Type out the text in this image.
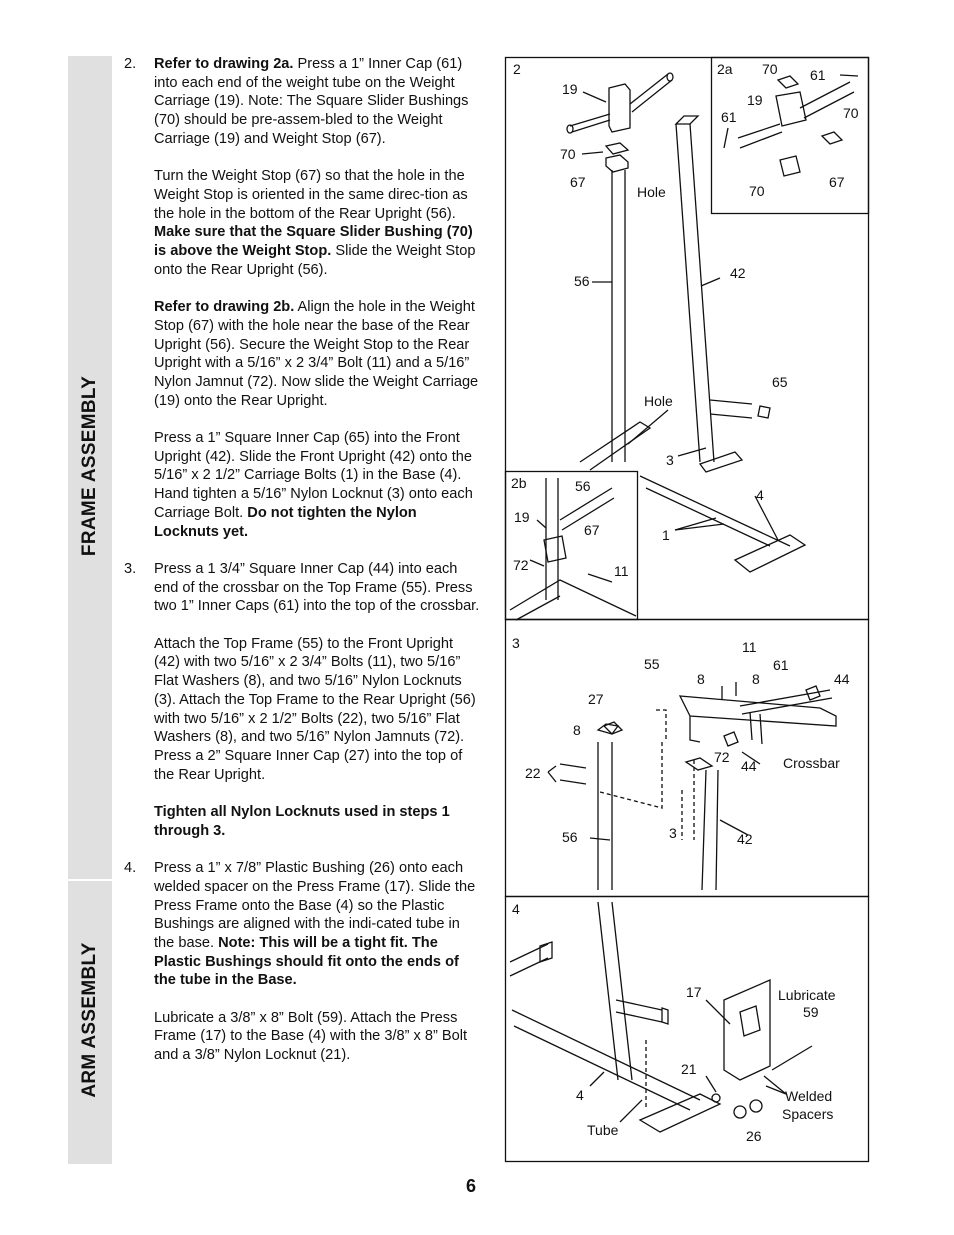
FRAME ASSEMBLY
ARM ASSEMBLY
2.	Refer to drawing 2a. Press a 1” Inner Cap (61) into each end of the weight tube on the Weight Carriage (19). Note: The Square Slider Bushings (70) should be pre-assem-bled to the Weight Carriage (19) and Weight Stop (67).
Turn the Weight Stop (67) so that the hole in the Weight Stop is oriented in the same direc-tion as the hole in the bottom of the Rear Upright (56). Make sure that the Square Slider Bushing (70) is above the Weight Stop. Slide the Weight Stop onto the Rear Upright (56).
Refer to drawing 2b. Align the hole in the Weight Stop (67) with the hole near the base of the Rear Upright (56). Secure the Weight Stop to the Rear Upright with a 5/16” x 2 3/4” Bolt (11) and a 5/16” Nylon Jamnut (72). Now slide the Weight Carriage (19) onto the Rear Upright.
Press a 1” Square Inner Cap (65) into the Front Upright (42). Slide the Front Upright (42) onto the 5/16” x 2 1/2” Carriage Bolts (1) in the Base (4). Hand tighten a 5/16” Nylon Locknut (3) onto each Carriage Bolt. Do not tighten the Nylon Locknuts yet.
3.	Press a 1 3/4” Square Inner Cap (44) into each end of the crossbar on the Top Frame (55). Press two 1” Inner Caps (61) into the top of the crossbar.
Attach the Top Frame (55) to the Front Upright (42) with two 5/16” x 2 3/4” Bolts (11), two 5/16” Flat Washers (8), and two 5/16” Nylon Locknuts (3). Attach the Top Frame to the Rear Upright (56) with two 5/16” x 2 1/2” Bolts (22), two 5/16” Flat Washers (8), and two 5/16” Nylon Jamnuts (72). Press a 2” Square Inner Cap (27) into the top of the Rear Upright.
Tighten all Nylon Locknuts used in steps 1 through 3.
4.	Press a 1” x 7/8” Plastic Bushing (26) onto each welded spacer on the Press Frame (17). Slide the Press Frame onto the Base (4) so the Plastic Bushings are aligned with the indi-cated tube in the base. Note: This will be a tight fit. The Plastic Bushings should fit onto the ends of the tube in the Base.
Lubricate a 3/8” x 8” Bolt (59). Attach the Press Frame (17) to the Base (4) with the 3/8” x 8” Bolt and a 3/8” Nylon Locknut (21).
2
19
70
67
Hole
56	42
65
Hole
3
4
1
2a 70 61
19
61	70
70
67
2b	56
19
67
72	11
3	11
55
8	8
61
44
27
8
72
44 Crossbar
22
56	3	42
4
17	Lubricate
59
21
4	Welded
Spacers
Tube	26
6
